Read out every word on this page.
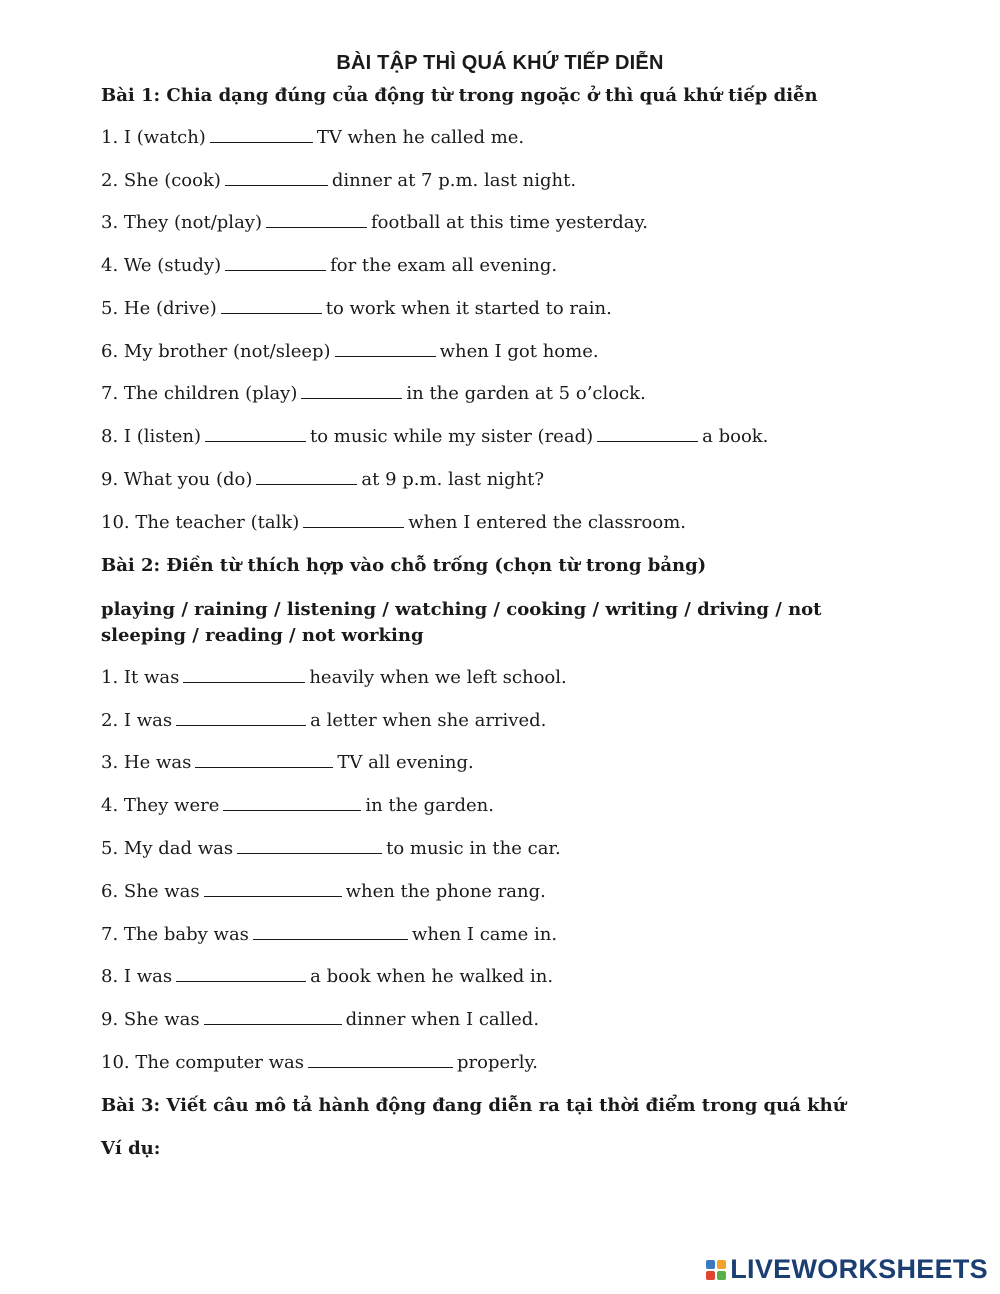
BÀI TẬP THÌ QUÁ KHỨ TIẾP DIỄN
Bài 1: Chia dạng đúng của động từ trong ngoặc ở thì quá khứ tiếp diễn
1. I (watch)	TV when he called me.
2. She (cook)	dinner at 7 p.m. last night.
3. They (not/play)	football at this time yesterday.
4. We (study)	for the exam all evening.
5. He (drive)	to work when it started to rain.
6. My brother (not/sleep)	when I got home.
7. The children (play)	in the garden at 5 o’clock.
8. I (listen)	to music while my sister (read)	a book.
9. What you (do)	at 9 p.m. last night?
10. The teacher (talk)	when I entered the classroom.
Bài 2: Điền từ thích hợp vào chỗ trống (chọn từ trong bảng)
playing / raining / listening / watching / cooking / writing / driving / not sleeping / reading / not working
1. It was	heavily when we left school.
2. I was	a letter when she arrived.
3. He was	TV all evening.
4. They were	in the garden.
5. My dad was	to music in the car.
6. She was	when the phone rang.
7. The baby was	when I came in.
8. I was	a book when he walked in.
9. She was	dinner when I called.
10. The computer was	properly.
Bài 3: Viết câu mô tả hành động đang diễn ra tại thời điểm trong quá khứ
Ví dụ:
LIVEWORKSHEETS
